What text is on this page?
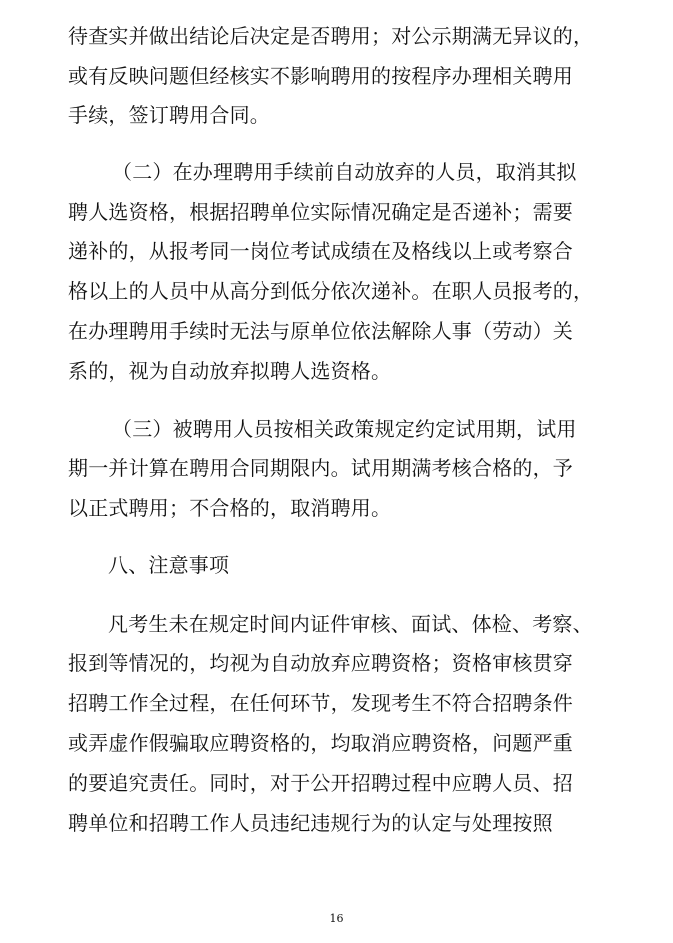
待查实并做出结论后决定是否聘用；对公示期满无异议的，
或有反映问题但经核实不影响聘用的按程序办理相关聘用
手续，签订聘用合同。
（二）在办理聘用手续前自动放弃的人员，取消其拟
聘人选资格，根据招聘单位实际情况确定是否递补；需要
递补的，从报考同一岗位考试成绩在及格线以上或考察合
格以上的人员中从高分到低分依次递补。在职人员报考的，
在办理聘用手续时无法与原单位依法解除人事（劳动）关
系的，视为自动放弃拟聘人选资格。
（三）被聘用人员按相关政策规定约定试用期，试用
期一并计算在聘用合同期限内。试用期满考核合格的，予
以正式聘用；不合格的，取消聘用。
八、注意事项
凡考生未在规定时间内证件审核、面试、体检、考察、
报到等情况的，均视为自动放弃应聘资格；资格审核贯穿
招聘工作全过程，在任何环节，发现考生不符合招聘条件
或弄虚作假骗取应聘资格的，均取消应聘资格，问题严重
的要追究责任。同时，对于公开招聘过程中应聘人员、招
聘单位和招聘工作人员违纪违规行为的认定与处理按照
16
